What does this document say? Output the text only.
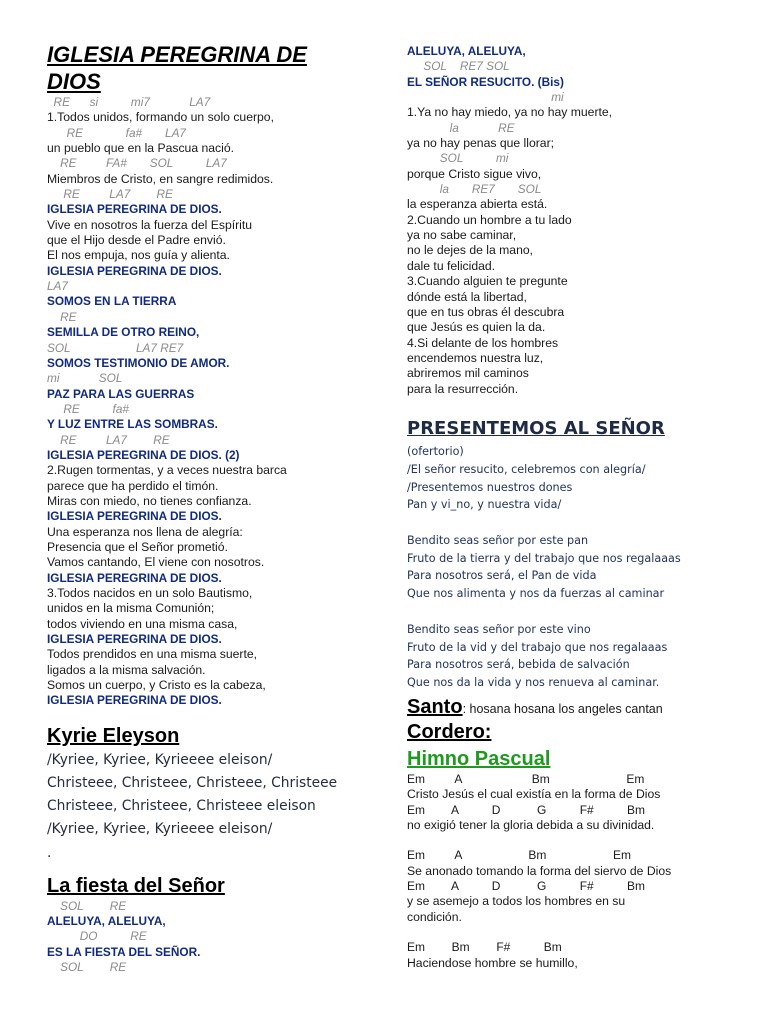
IGLESIA PEREGRINA DE
DIOS
RE      si          mi7            LA7
1.Todos unidos, formando un solo cuerpo,
RE             fa#       LA7
un pueblo que en la Pascua nació.
RE         FA#       SOL          LA7
Miembros de Cristo, en sangre redimidos.
RE         LA7        RE
IGLESIA PEREGRINA DE DIOS.
Vive en nosotros la fuerza del Espíritu
que el Hijo desde el Padre envió.
El nos empuja, nos guía y alienta.
IGLESIA PEREGRINA DE DIOS.
LA7
SOMOS EN LA TIERRA
RE
SEMILLA DE OTRO REINO,
SOL                    LA7 RE7
SOMOS TESTIMONIO DE AMOR.
mi            SOL
PAZ PARA LAS GUERRAS
RE          fa#
Y LUZ ENTRE LAS SOMBRAS.
RE         LA7        RE
IGLESIA PEREGRINA DE DIOS. (2)
2.Rugen tormentas, y a veces nuestra barca
parece que ha perdido el timón.
Miras con miedo, no tienes confianza.
IGLESIA PEREGRINA DE DIOS.
Una esperanza nos llena de alegría:
Presencia que el Señor prometió.
Vamos cantando, El viene con nosotros.
IGLESIA PEREGRINA DE DIOS.
3.Todos nacidos en un solo Bautismo,
unidos en la misma Comunión;
todos viviendo en una misma casa,
IGLESIA PEREGRINA DE DIOS.
Todos prendidos en una misma suerte,
ligados a la misma salvación.
Somos un cuerpo, y Cristo es la cabeza,
IGLESIA PEREGRINA DE DIOS.
Kyrie Eleyson
/Kyriee, Kyriee, Kyrieeee eleison/
Christeee, Christeee, Christeee, Christeee
Christeee, Christeee, Christeee eleison
/Kyriee, Kyriee, Kyrieeee eleison/
.
La fiesta del Señor
SOL        RE
ALELUYA, ALELUYA,
DO          RE
ES LA FIESTA DEL SEÑOR.
SOL        RE
ALELUYA, ALELUYA,
SOL    RE7 SOL
EL SEÑOR RESUCITO. (Bis)
mi
1.Ya no hay miedo, ya no hay muerte,
la            RE
ya no hay penas que llorar;
SOL          mi
porque Cristo sigue vivo,
la       RE7       SOL
la esperanza abierta está.
2.Cuando un hombre a tu lado
ya no sabe caminar,
no le dejes de la mano,
dale tu felicidad.
3.Cuando alguien te pregunte
dónde está la libertad,
que en tus obras él descubra
que Jesús es quien la da.
4.Si delante de los hombres
encendemos nuestra luz,
abriremos mil caminos
para la resurrección.
PRESENTEMOS AL SEÑOR
(ofertorio)
/El señor resucito, celebremos con alegría/
/Presentemos nuestros dones
Pan y vi_no, y nuestra vida/

Bendito seas señor por este pan
Fruto de la tierra y del trabajo que nos regalaaas
Para nosotros será, el Pan de vida
Que nos alimenta y nos da fuerzas al caminar

Bendito seas señor por este vino
Fruto de la vid y del trabajo que nos regalaaas
Para nosotros será, bebida de salvación
Que nos da la vida y nos renueva al caminar.
Santo: hosana hosana los angeles cantan
Cordero:
Himno Pascual
Em         A                     Bm                       Em
Cristo Jesús el cual existía en la forma de Dios
Em        A          D           G          F#          Bm
no exigió tener la gloria debida a su divinidad.
Em         A                    Bm                    Em
Se anonado tomando la forma del siervo de Dios
Em        A          D           G          F#          Bm
y se asemejo a todos los hombres en su
condición.
Em        Bm        F#          Bm
Haciendose hombre se humillo,
